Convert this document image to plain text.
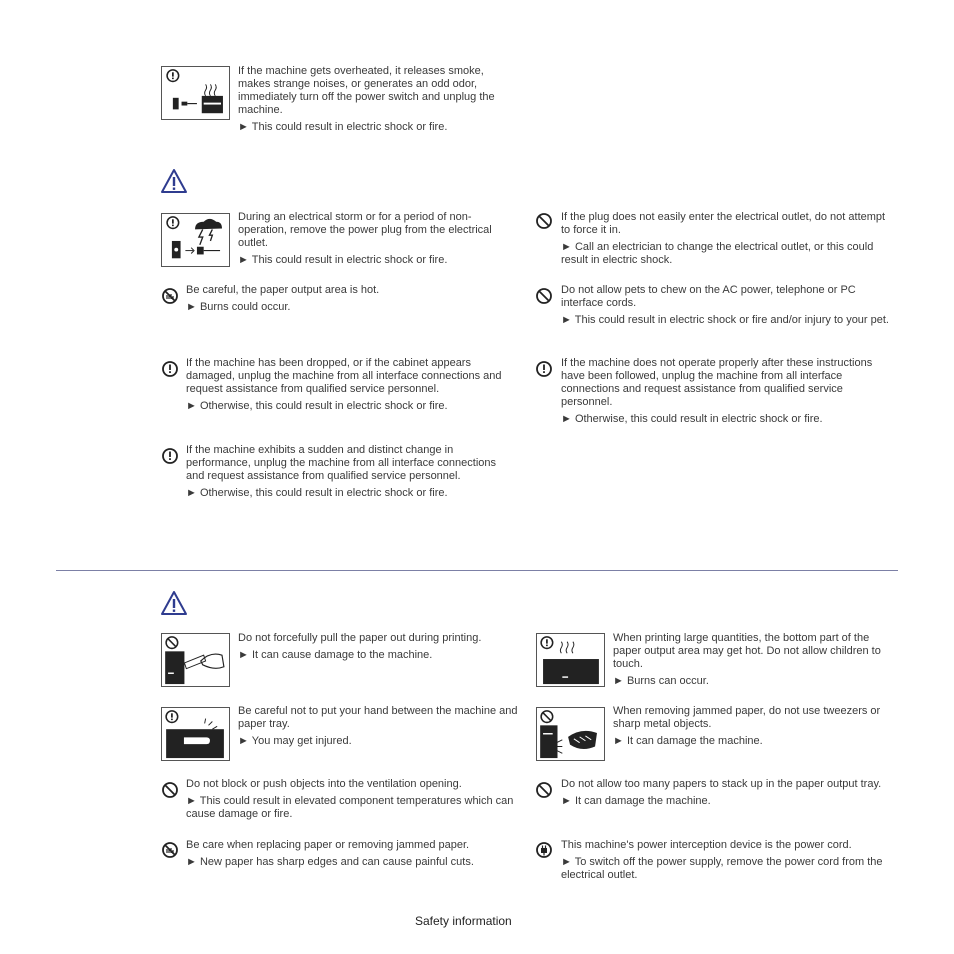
If the machine gets overheated, it releases smoke, makes strange noises, or generates an odd odor, immediately turn off the power switch and unplug the machine.

► This could result in electric shock or fire.

During an electrical storm or for a period of non-operation, remove the power plug from the electrical outlet.

► This could result in electric shock or fire.

If the plug does not easily enter the electrical outlet, do not attempt to force it in.

► Call an electrician to change the electrical outlet, or this could result in electric shock.

Be careful, the paper output area is hot.

► Burns could occur.

Do not allow pets to chew on the AC power, telephone or PC interface cords.

► This could result in electric shock or fire and/or injury to your pet.

If the machine has been dropped, or if the cabinet appears damaged, unplug the machine from all interface connections and request assistance from qualified service personnel.

► Otherwise, this could result in electric shock or fire.

If the machine does not operate properly after these instructions have been followed, unplug the machine from all interface connections and request assistance from qualified service personnel.

► Otherwise, this could result in electric shock or fire.

If the machine exhibits a sudden and distinct change in performance, unplug the machine from all interface connections and request assistance from qualified service personnel.

► Otherwise, this could result in electric shock or fire.

Do not forcefully pull the paper out during printing.

► It can cause damage to the machine.

When printing large quantities, the bottom part of the paper output area may get hot. Do not allow children to touch.

► Burns can occur.

Be careful not to put your hand between the machine and paper tray.

► You may get injured.

When removing jammed paper, do not use tweezers or sharp metal objects.

► It can damage the machine.

Do not block or push objects into the ventilation opening.

► This could result in elevated component temperatures which can cause damage or fire.

Do not allow too many papers to stack up in the paper output tray.

► It can damage the machine.

Be care when replacing paper or removing jammed paper.

► New paper has sharp edges and can cause painful cuts.

This machine's power interception device is the power cord.

► To switch off the power supply, remove the power cord from the electrical outlet.

Safety information
